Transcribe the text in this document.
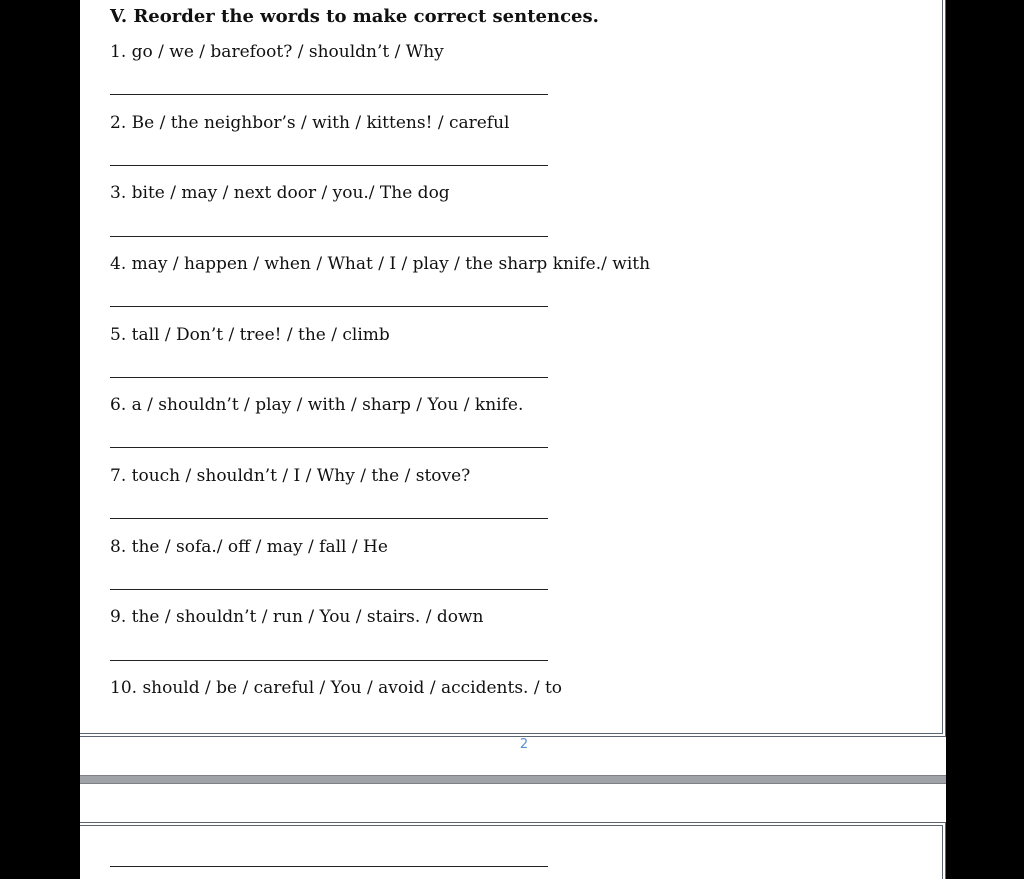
V. Reorder the words to make correct sentences.
1. go / we / barefoot? / shouldn’t / Why
2. Be / the neighbor’s / with / kittens! / careful
3. bite / may / next door / you./ The dog
4. may / happen / when / What / I / play / the sharp knife./ with
5. tall / Don’t / tree! / the / climb
6. a / shouldn’t / play / with / sharp / You / knife.
7. touch / shouldn’t / I / Why / the / stove?
8. the / sofa./ off / may / fall / He
9. the / shouldn’t / run / You / stairs. / down
10. should / be / careful / You / avoid / accidents. / to
2
